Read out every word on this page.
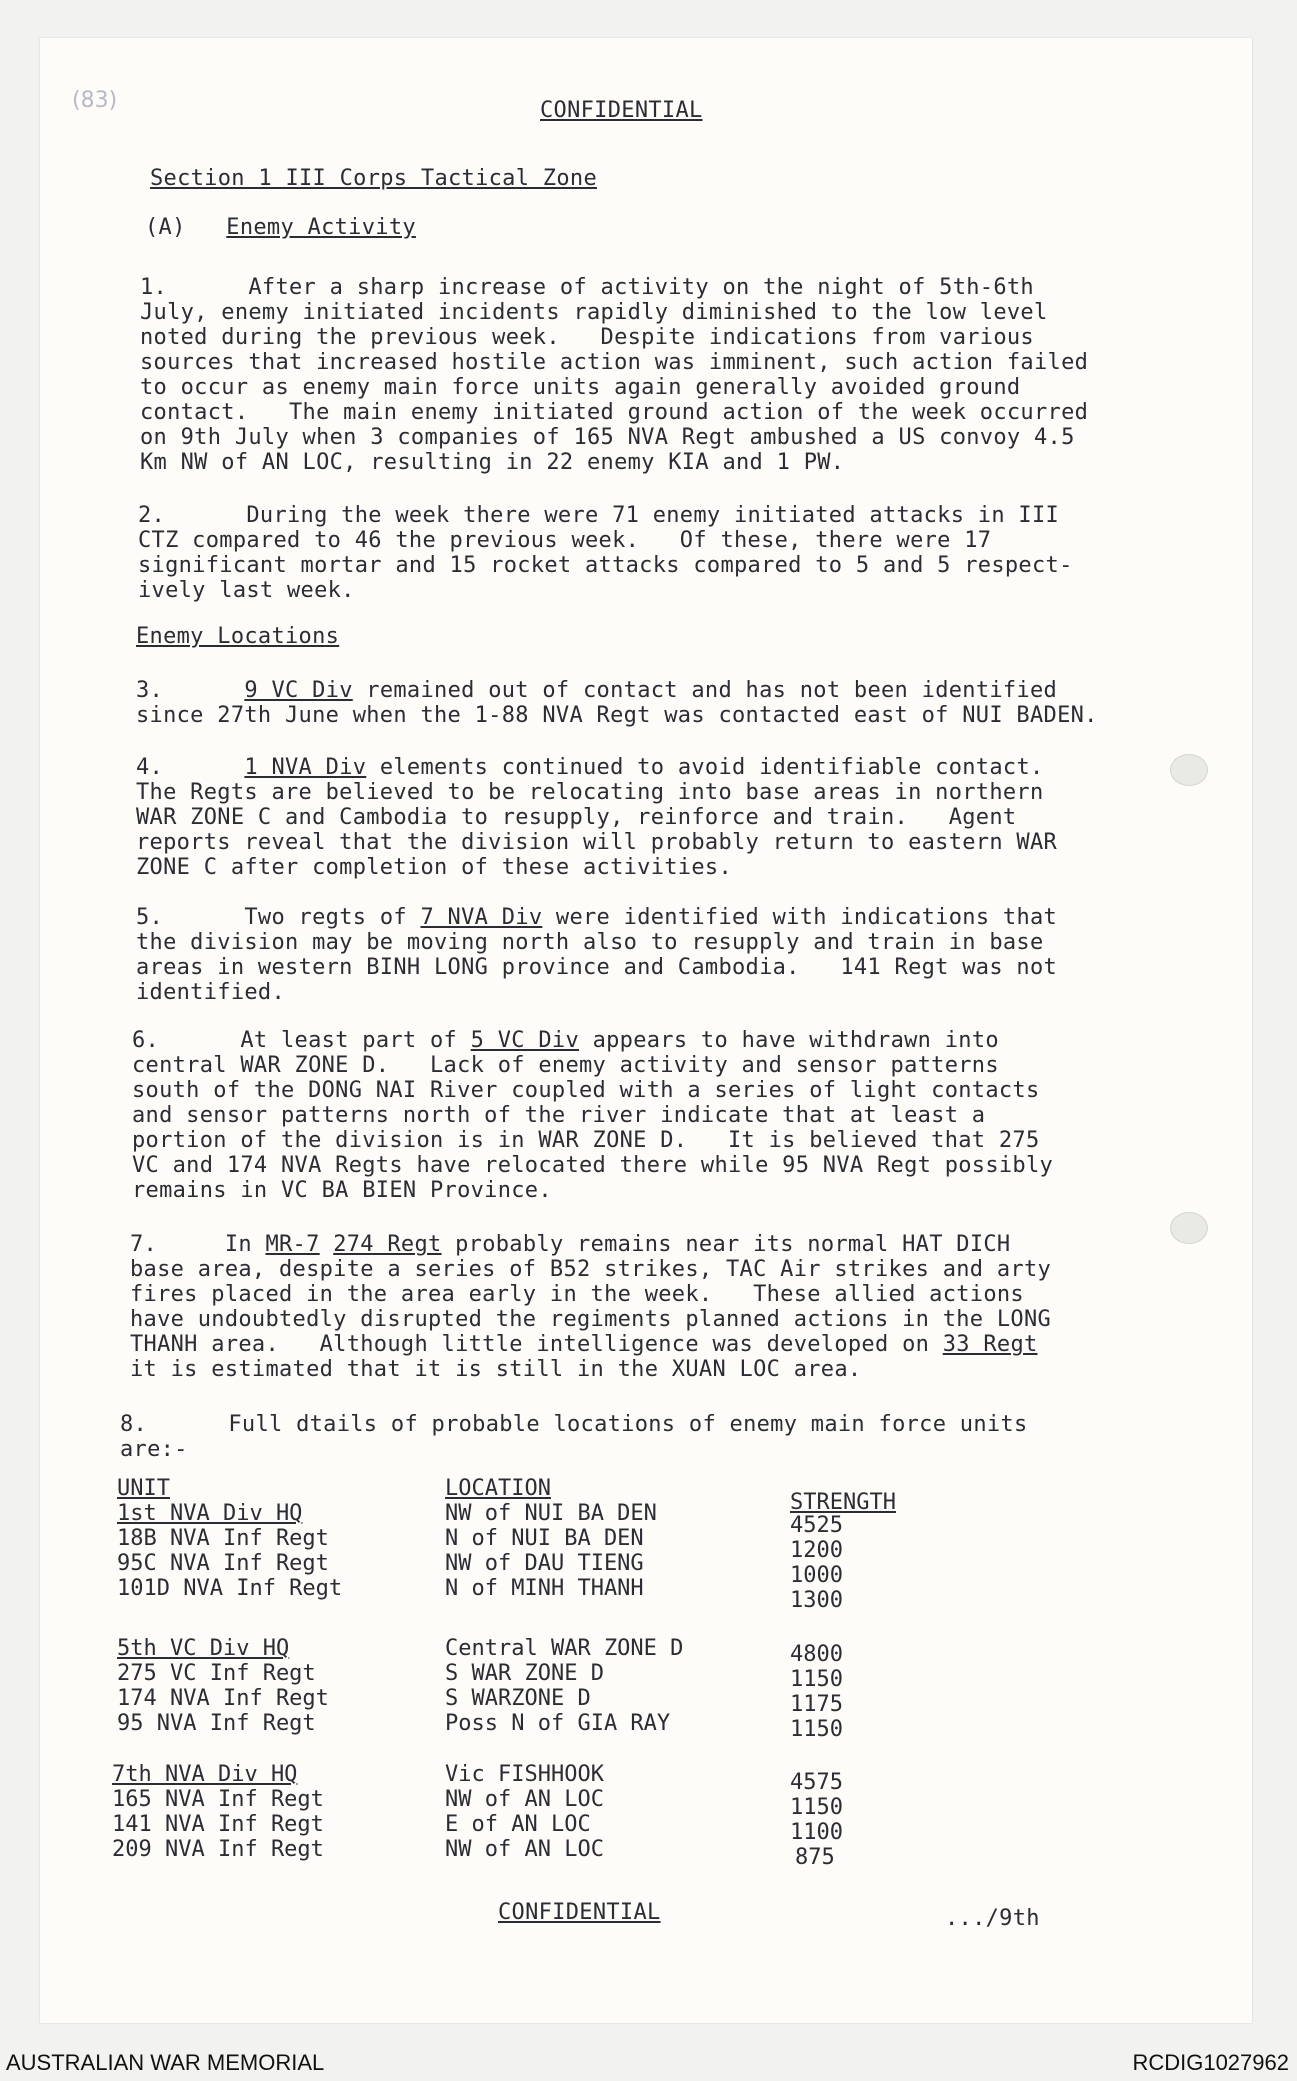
(83)	CONFIDENTIAL
Section 1 III Corps Tactical Zone
(A) Enemy Activity
1.      After a sharp increase of activity on the night of 5th-6th
July, enemy initiated incidents rapidly diminished to the low level
noted during the previous week.   Despite indications from various
sources that increased hostile action was imminent, such action failed
to occur as enemy main force units again generally avoided ground
contact.   The main enemy initiated ground action of the week occurred
on 9th July when 3 companies of 165 NVA Regt ambushed a US convoy 4.5
Km NW of AN LOC, resulting in 22 enemy KIA and 1 PW.
2.      During the week there were 71 enemy initiated attacks in III
CTZ compared to 46 the previous week.   Of these, there were 17
significant mortar and 15 rocket attacks compared to 5 and 5 respect-
ively last week.
Enemy Locations
3.	9 VC Div remained out of contact and has not been identified
since 27th June when the 1-88 NVA Regt was contacted east of NUI BADEN.
4.	1 NVA Div elements continued to avoid identifiable contact.
The Regts are believed to be relocating into base areas in northern
WAR ZONE C and Cambodia to resupply, reinforce and train.   Agent
reports reveal that the division will probably return to eastern WAR
ZONE C after completion of these activities.
5.	Two regts of 7 NVA Div were identified with indications that
the division may be moving north also to resupply and train in base
areas in western BINH LONG province and Cambodia.   141 Regt was not
identified.
6.	At least part of 5 VC Div appears to have withdrawn into
central WAR ZONE D.   Lack of enemy activity and sensor patterns
south of the DONG NAI River coupled with a series of light contacts
and sensor patterns north of the river indicate that at least a
portion of the division is in WAR ZONE D.   It is believed that 275
VC and 174 NVA Regts have relocated there while 95 NVA Regt possibly
remains in VC BA BIEN Province.
7.	In MR-7 274 Regt probably remains near its normal HAT DICH
base area, despite a series of B52 strikes, TAC Air strikes and arty
fires placed in the area early in the week.   These allied actions
have undoubtedly disrupted the regiments planned actions in the LONG
THANH area.   Although little intelligence was developed on 33 Regt
it is estimated that it is still in the XUAN LOC area.
8.      Full dtails of probable locations of enemy main force units
are:-
UNIT	LOCATION
STRENGTH
1st NVA Div HQ	NW of NUI BA DEN	4525
18B NVA Inf Regt	N of NUI BA DEN	1200
95C NVA Inf Regt	NW of DAU TIENG	1000
101D NVA Inf Regt	N of MINH THANH	1300
5th VC Div HQ	Central WAR ZONE D	4800
275 VC Inf Regt	S WAR ZONE D	1150
174 NVA Inf Regt	S WARZONE D	1175
95 NVA Inf Regt	Poss N of GIA RAY	1150
7th NVA Div HQ	Vic FISHHOOK	4575
165 NVA Inf Regt	NW of AN LOC	1150
141 NVA Inf Regt	E of AN LOC	1100
209 NVA Inf Regt	NW of AN LOC	875
CONFIDENTIAL	.../9th
AUSTRALIAN WAR MEMORIAL	RCDIG1027962
